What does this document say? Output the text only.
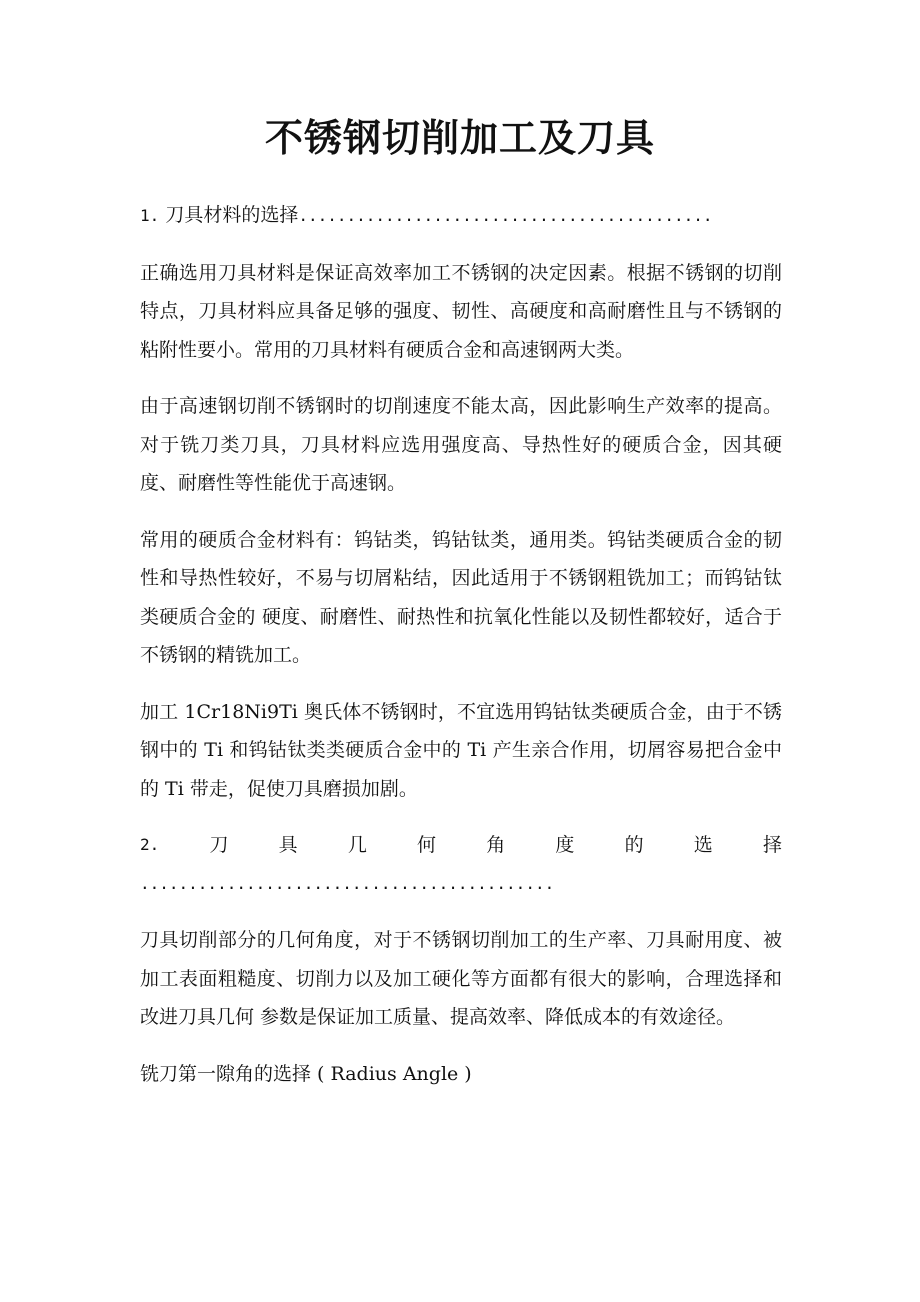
不锈钢切削加工及刀具
1. 刀具材料的选择...........................................

正确选用刀具材料是保证高效率加工不锈钢的决定因素。根据不锈钢的切削特点，刀具材料应具备足够的强度、韧性、高硬度和高耐磨性且与不锈钢的粘附性要小。常用的刀具材料有硬质合金和高速钢两大类。

由于高速钢切削不锈钢时的切削速度不能太高，因此影响生产效率的提高。对于铣刀类刀具，刀具材料应选用强度高、导热性好的硬质合金，因其硬度、耐磨性等性能优于高速钢。

常用的硬质合金材料有：钨钴类，钨钴钛类，通用类。钨钴类硬质合金的韧性和导热性较好，不易与切屑粘结，因此适用于不锈钢粗铣加工；而钨钴钛类硬质合金的 硬度、耐磨性、耐热性和抗氧化性能以及韧性都较好，适合于不锈钢的精铣加工。

加工 1Cr18Ni9Ti 奥氏体不锈钢时，不宜选用钨钴钛类硬质合金，由于不锈钢中的 Ti 和钨钴钛类类硬质合金中的 Ti 产生亲合作用，切屑容易把合金中的 Ti 带走，促使刀具磨损加剧。

2.	刀	具	几	何	角	度	的	选	择
...........................................

刀具切削部分的几何角度，对于不锈钢切削加工的生产率、刀具耐用度、被加工表面粗糙度、切削力以及加工硬化等方面都有很大的影响，合理选择和改进刀具几何 参数是保证加工质量、提高效率、降低成本的有效途径。

铣刀第一隙角的选择 ( Radius Angle )
